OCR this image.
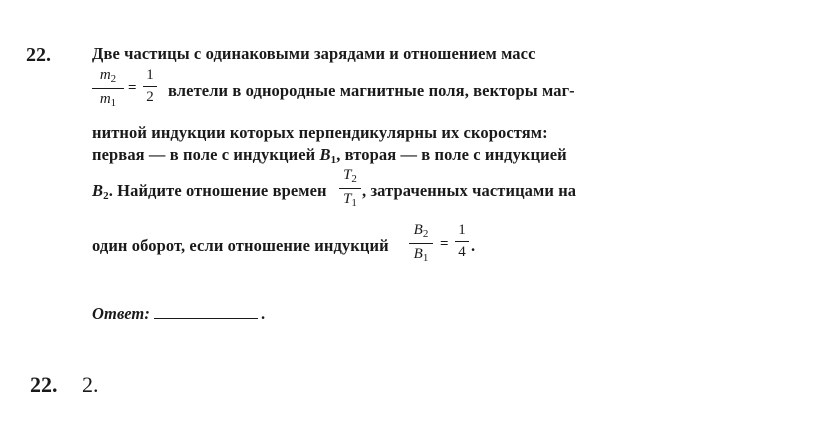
22. Две частицы с одинаковыми зарядами и отношением масс
$\frac{m_2}{m_1} = \frac{1}{2}$ влетели в однородные магнитные поля, векторы маг-
нитной индукции которых перпендикулярны их скоростям:
первая — в поле с индукцией $B_1$, вторая — в поле с индукцией
$B_2$. Найдите отношение времен $\frac{T_2}{T_1}$ , затраченных частицами на
один оборот, если отношение индукций $\frac{B_2}{B_1} = \frac{1}{4}$ .
Ответ:	.
22. 2.
